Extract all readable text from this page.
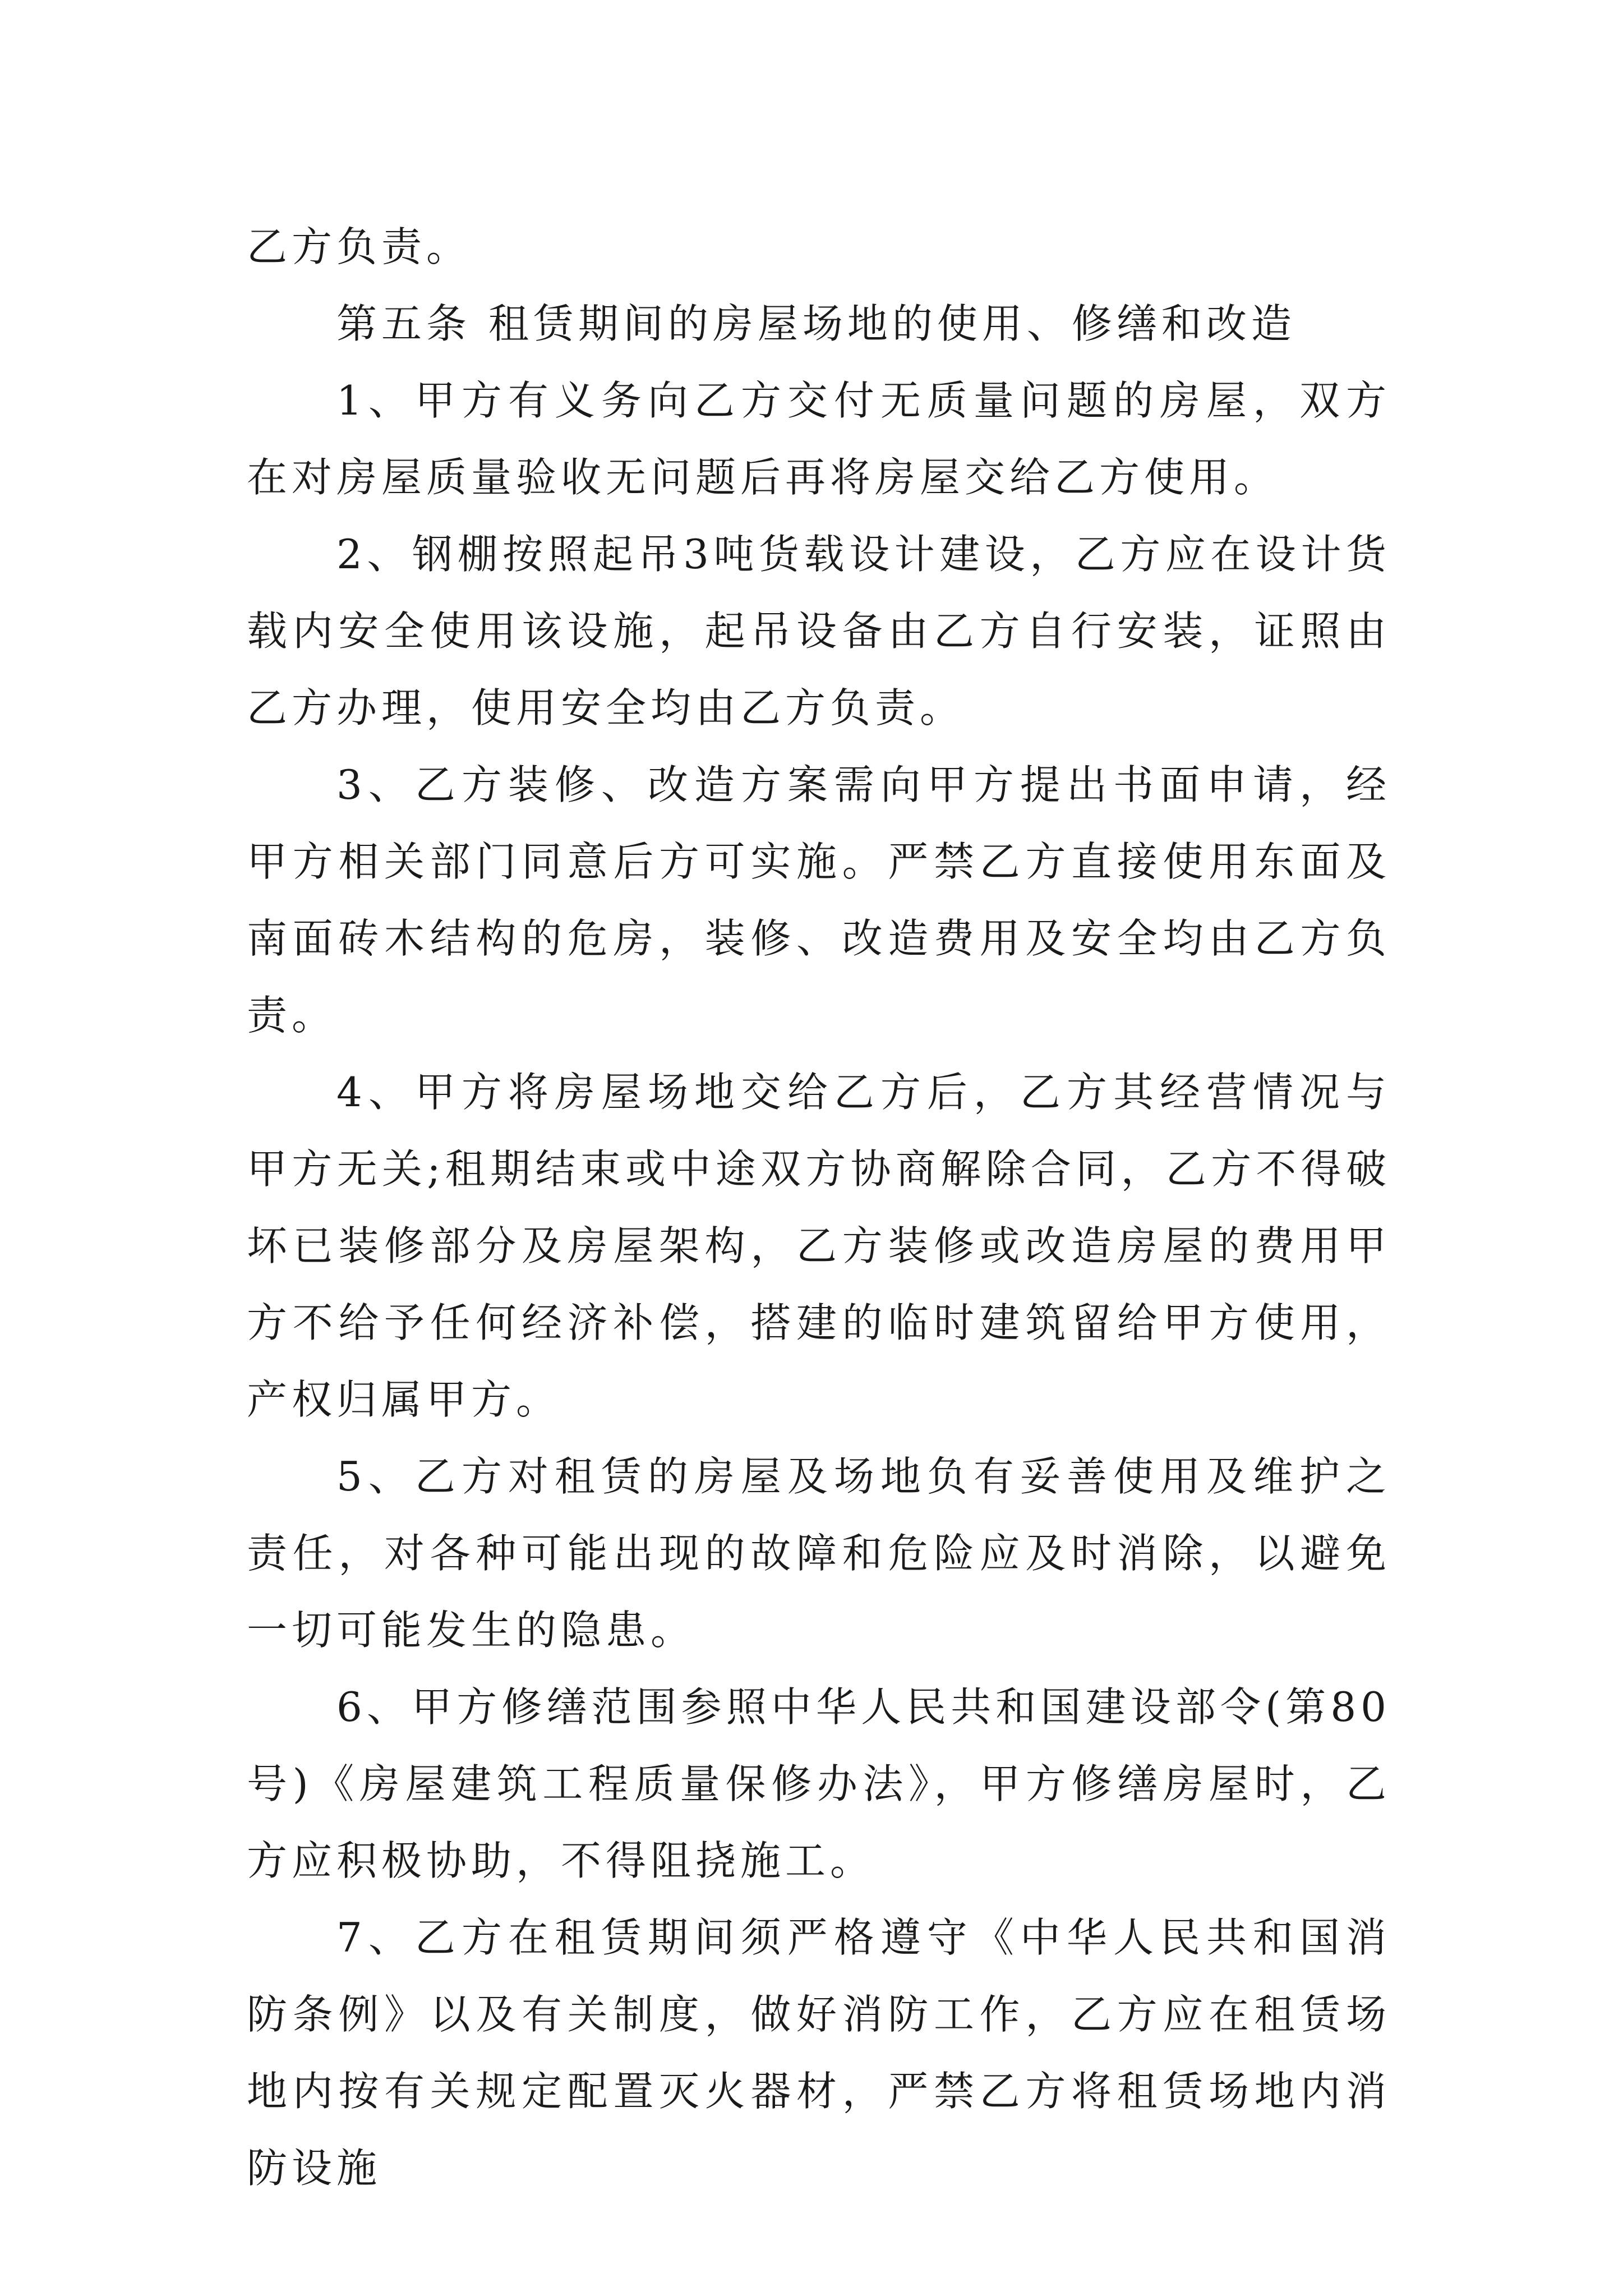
乙方负责。

第五条 租赁期间的房屋场地的使用、修缮和改造

1、甲方有义务向乙方交付无质量问题的房屋，双方在对房屋质量验收无问题后再将房屋交给乙方使用。

2、钢棚按照起吊3吨货载设计建设，乙方应在设计货载内安全使用该设施，起吊设备由乙方自行安装，证照由乙方办理，使用安全均由乙方负责。

3、乙方装修、改造方案需向甲方提出书面申请，经甲方相关部门同意后方可实施。严禁乙方直接使用东面及南面砖木结构的危房，装修、改造费用及安全均由乙方负责。

4、甲方将房屋场地交给乙方后，乙方其经营情况与甲方无关;租期结束或中途双方协商解除合同，乙方不得破坏已装修部分及房屋架构，乙方装修或改造房屋的费用甲方不给予任何经济补偿，搭建的临时建筑留给甲方使用，产权归属甲方。

5、乙方对租赁的房屋及场地负有妥善使用及维护之责任，对各种可能出现的故障和危险应及时消除，以避免一切可能发生的隐患。

6、甲方修缮范围参照中华人民共和国建设部令(第80号)《房屋建筑工程质量保修办法》，甲方修缮房屋时，乙方应积极协助，不得阻挠施工。

7、乙方在租赁期间须严格遵守《中华人民共和国消防条例》以及有关制度，做好消防工作，乙方应在租赁场地内按有关规定配置灭火器材，严禁乙方将租赁场地内消防设施
